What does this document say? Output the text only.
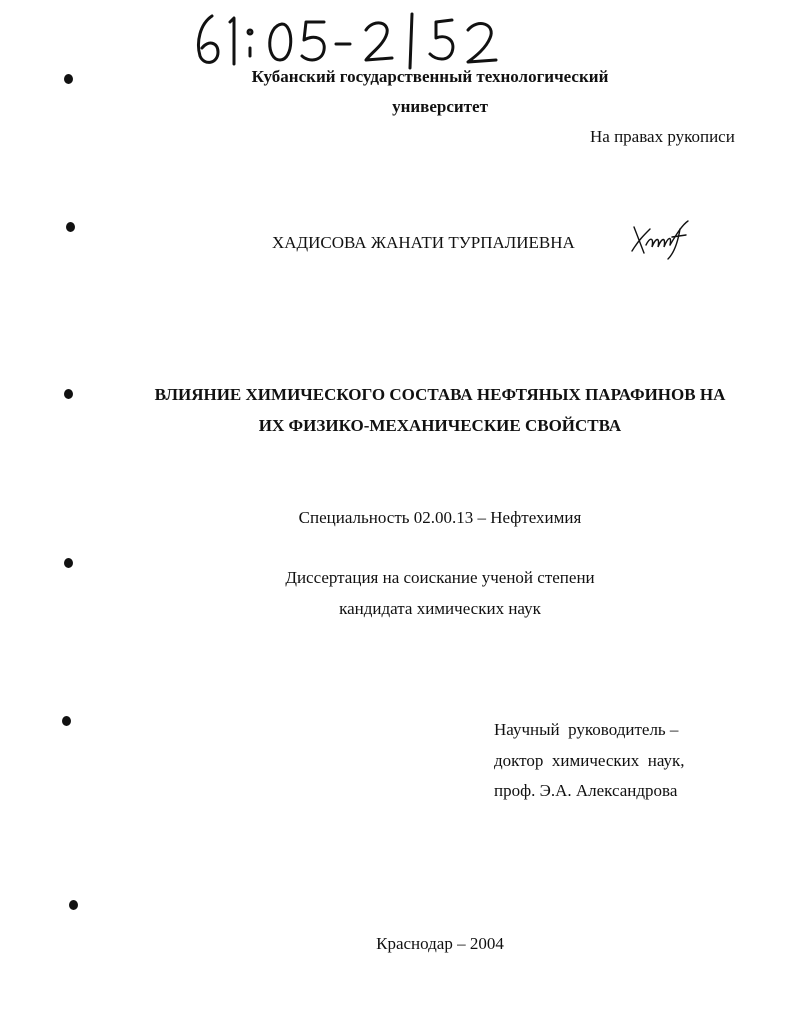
Кубанский государственный технологический
университет
На правах рукописи
ХАДИСОВА ЖАНАТИ ТУРПАЛИЕВНА
ВЛИЯНИЕ ХИМИЧЕСКОГО СОСТАВА НЕФТЯНЫХ ПАРАФИНОВ НА
ИХ ФИЗИКО-МЕХАНИЧЕСКИЕ СВОЙСТВА
Специальность 02.00.13 – Нефтехимия
Диссертация на соискание ученой степени
кандидата химических наук
Научный  руководитель –
доктор  химических  наук,
проф. Э.А. Александрова
Краснодар – 2004
